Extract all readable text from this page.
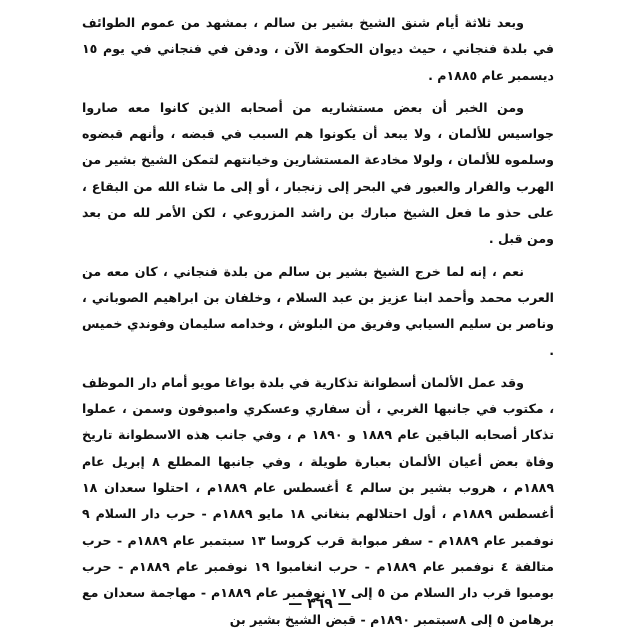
وبعد ثلاثة أيام شنق الشيخ بشير بن سالم ، بمشهد من عموم الطوائف في بلدة فنجاني ، حيث ديوان الحكومة الآن ، ودفن في فنجاني في يوم ١٥ ديسمبر عام ١٨٨٥م .

ومن الخبر أن بعض مستشاريه من أصحابه الذين كانوا معه صاروا جواسيس للألمان ، ولا يبعد أن يكونوا هم السبب في قبضه ، وأنهم قبضوه وسلموه للألمان ، ولولا مخادعة المستشارين وخيانتهم لتمكن الشيخ بشير من الهرب والفرار والعبور في البحر إلى زنجبار ، أو إلى ما شاء الله من البقاع ، على حذو ما فعل الشيخ مبارك بن راشد المزروعي ، لكن الأمر لله من بعد ومن قبل .

نعم ، إنه لما خرج الشيخ بشير بن سالم من بلدة فنجاني ، كان معه من العرب محمد وأحمد ابنا عزيز بن عبد السلام ، وخلفان بن ابراهيم الصوباني ، وناصر بن سليم السيابي وفريق من البلوش ، وخدامه سليمان وفوندي خميس .

وقد عمل الألمان أسطوانة تذكارية في بلدة بواغا مويو أمام دار الموظف ، مكتوب في جانبها الغربي ، أن سفاري وعسكري وامبوفون وسمن ، عملوا تذكار أصحابه الباقين عام ١٨٨٩ و ١٨٩٠ م ، وفي جانب هذه الاسطوانة تاريخ وفاة بعض أعيان الألمان بعبارة طويلة ، وفي جانبها المطلع ٨ إبريل عام ١٨٨٩م ، هروب بشير بن سالم ٤ أغسطس عام ١٨٨٩م ، احتلوا سعدان ١٨ أغسطس ١٨٨٩م ، أول احتلالهم بنغاني ١٨ مايو ١٨٨٩م - حرب دار السلام ٩ نوفمبر عام ١٨٨٩م - سفر مبوابة قرب كروسا ١٣ سبتمبر عام ١٨٨٩م - حرب متالفة ٤ نوفمبر عام ١٨٨٩م - حرب انغامبوا ١٩ نوفمبر عام ١٨٨٩م - حرب بومبوا قرب دار السلام من ٥ إلى ١٧ نوفمبر عام ١٨٨٩م - مهاجمة سعدان مع برهامن ٥ إلى ٨سبتمبر ١٨٩٠م - قبض الشيخ بشير بن

— ٣٦٩ —
